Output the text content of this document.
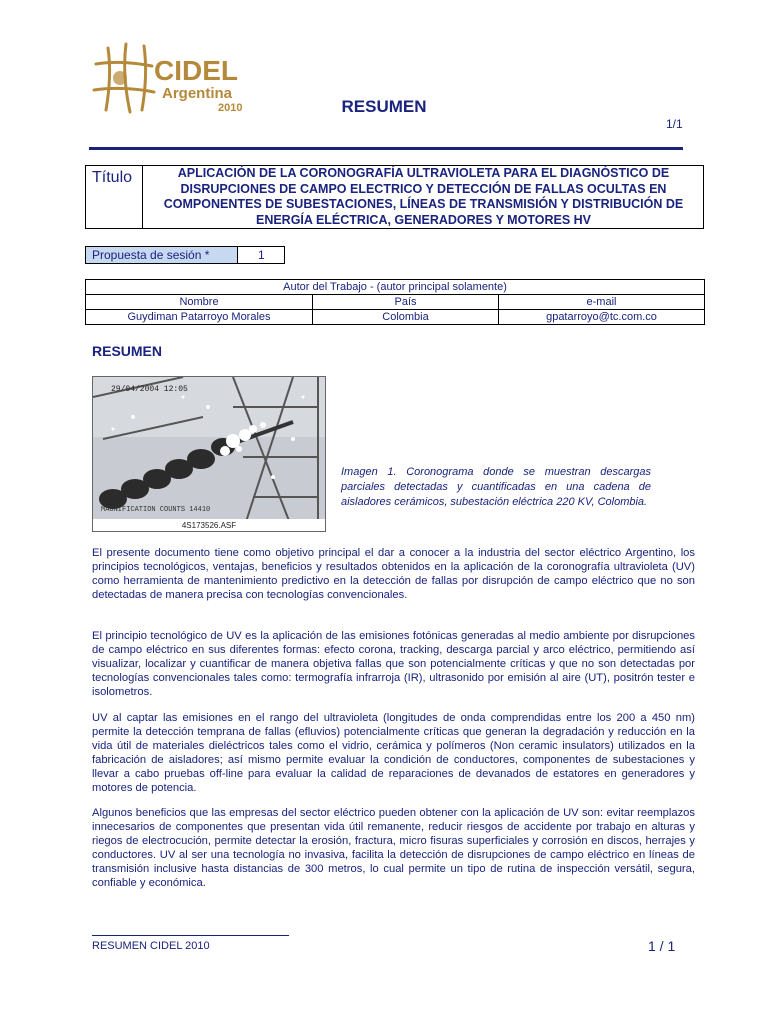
CIDEL
Argentina
2010	RESUMEN
1/1
Título	APLICACIÓN DE LA CORONOGRAFÍA ULTRAVIOLETA PARA EL DIAGNÓSTICO DE DISRUPCIONES DE CAMPO ELECTRICO Y DETECCIÓN DE FALLAS OCULTAS EN COMPONENTES DE SUBESTACIONES, LÍNEAS DE TRANSMISIÓN Y DISTRIBUCIÓN DE ENERGÍA ELÉCTRICA, GENERADORES Y MOTORES HV
Propuesta de sesión *	1
Autor del Trabajo - (autor principal solamente)		
Nombre	País	e-mail
Guydiman Patarroyo Morales	Colombia	gpatarroyo@tc.com.co
RESUMEN
29/04/2004 12:05
MAGNIFICATION COUNTS 14410
4S173526.ASF
Imagen 1. Coronograma donde se muestran descargas parciales detectadas y cuantificadas en una cadena de aisladores cerámicos, subestación eléctrica 220 KV, Colombia.

El presente documento tiene como objetivo principal el dar a conocer a la industria del sector eléctrico Argentino, los principios tecnológicos, ventajas, beneficios y resultados obtenidos en la aplicación de la coronografía ultravioleta (UV) como herramienta de mantenimiento predictivo en la detección de fallas por disrupción de campo eléctrico que no son detectadas de manera precisa con tecnologías convencionales.

El principio tecnológico de UV es la aplicación de las emisiones fotónicas generadas al medio ambiente por disrupciones de campo eléctrico en sus diferentes formas: efecto corona, tracking, descarga parcial y arco eléctrico, permitiendo así visualizar, localizar y cuantificar de manera objetiva fallas que son potencialmente críticas y que no son detectadas por tecnologías convencionales tales como: termografía infrarroja (IR), ultrasonido por emisión al aire (UT), positrón tester e isolometros.

UV al captar las emisiones en el rango del ultravioleta (longitudes de onda comprendidas entre los 200 a 450 nm) permite la detección temprana de fallas (efluvios) potencialmente críticas que generan la degradación y reducción en la vida útil de materiales dieléctricos tales como el vidrio, cerámica y polímeros (Non ceramic insulators) utilizados en la fabricación de aisladores; así mismo permite evaluar la condición de conductores, componentes de subestaciones y llevar a cabo pruebas off-line para evaluar la calidad de reparaciones de devanados de estatores en generadores y motores de potencia.

Algunos beneficios que las empresas del sector eléctrico pueden obtener con la aplicación de UV son: evitar reemplazos innecesarios de componentes que presentan vida útil remanente, reducir riesgos de accidente por trabajo en alturas y riegos de electrocución, permite detectar la erosión, fractura, micro fisuras superficiales y corrosión en discos, herrajes y conductores. UV al ser una tecnología no invasiva, facilita la detección de disrupciones de campo eléctrico en líneas de transmisión inclusive hasta distancias de 300 metros, lo cual permite un tipo de rutina de inspección versátil, segura, confiable y económica.

RESUMEN CIDEL 2010	1 / 1
